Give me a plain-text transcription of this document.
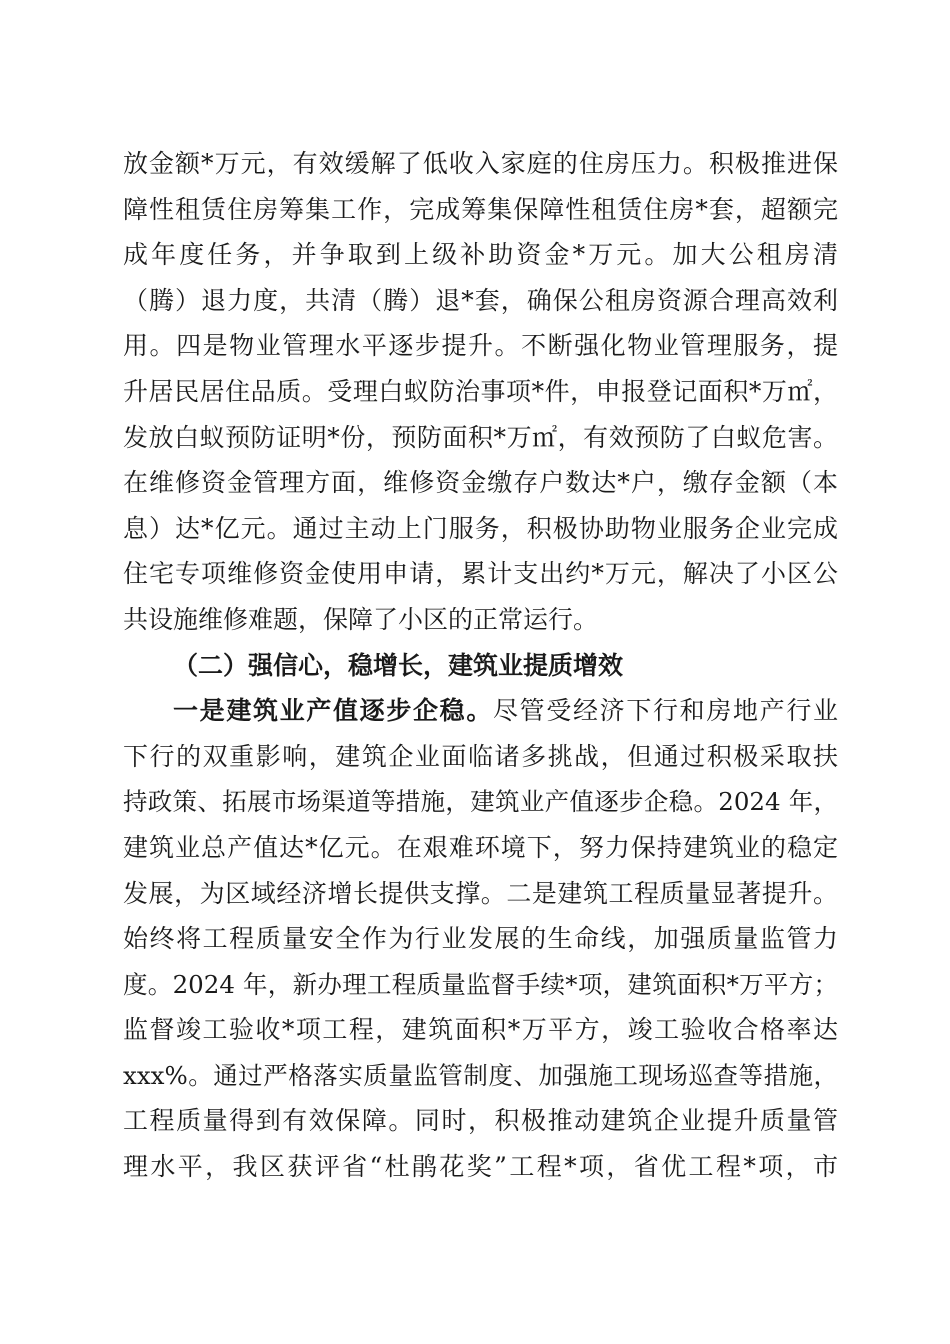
放金额*万元，有效缓解了低收入家庭的住房压力。积极推进保
障性租赁住房筹集工作，完成筹集保障性租赁住房*套，超额完
成年度任务，并争取到上级补助资金*万元。加大公租房清
（腾）退力度，共清（腾）退*套，确保公租房资源合理高效利
用。四是物业管理水平逐步提升。不断强化物业管理服务，提
升居民居住品质。受理白蚁防治事项*件，申报登记面积*万㎡，
发放白蚁预防证明*份，预防面积*万㎡，有效预防了白蚁危害。
在维修资金管理方面，维修资金缴存户数达*户，缴存金额（本
息）达*亿元。通过主动上门服务，积极协助物业服务企业完成
住宅专项维修资金使用申请，累计支出约*万元，解决了小区公
共设施维修难题，保障了小区的正常运行。
（二）强信心，稳增长，建筑业提质增效
一是建筑业产值逐步企稳。尽管受经济下行和房地产行业
下行的双重影响，建筑企业面临诸多挑战，但通过积极采取扶
持政策、拓展市场渠道等措施，建筑业产值逐步企稳。2024 年，
建筑业总产值达*亿元。在艰难环境下，努力保持建筑业的稳定
发展，为区域经济增长提供支撑。二是建筑工程质量显著提升。
始终将工程质量安全作为行业发展的生命线，加强质量监管力
度。2024 年，新办理工程质量监督手续*项，建筑面积*万平方；
监督竣工验收*项工程，建筑面积*万平方，竣工验收合格率达
xxx%。通过严格落实质量监管制度、加强施工现场巡查等措施，
工程质量得到有效保障。同时，积极推动建筑企业提升质量管
理水平，我区获评省“杜鹃花奖”工程*项，省优工程*项，市
